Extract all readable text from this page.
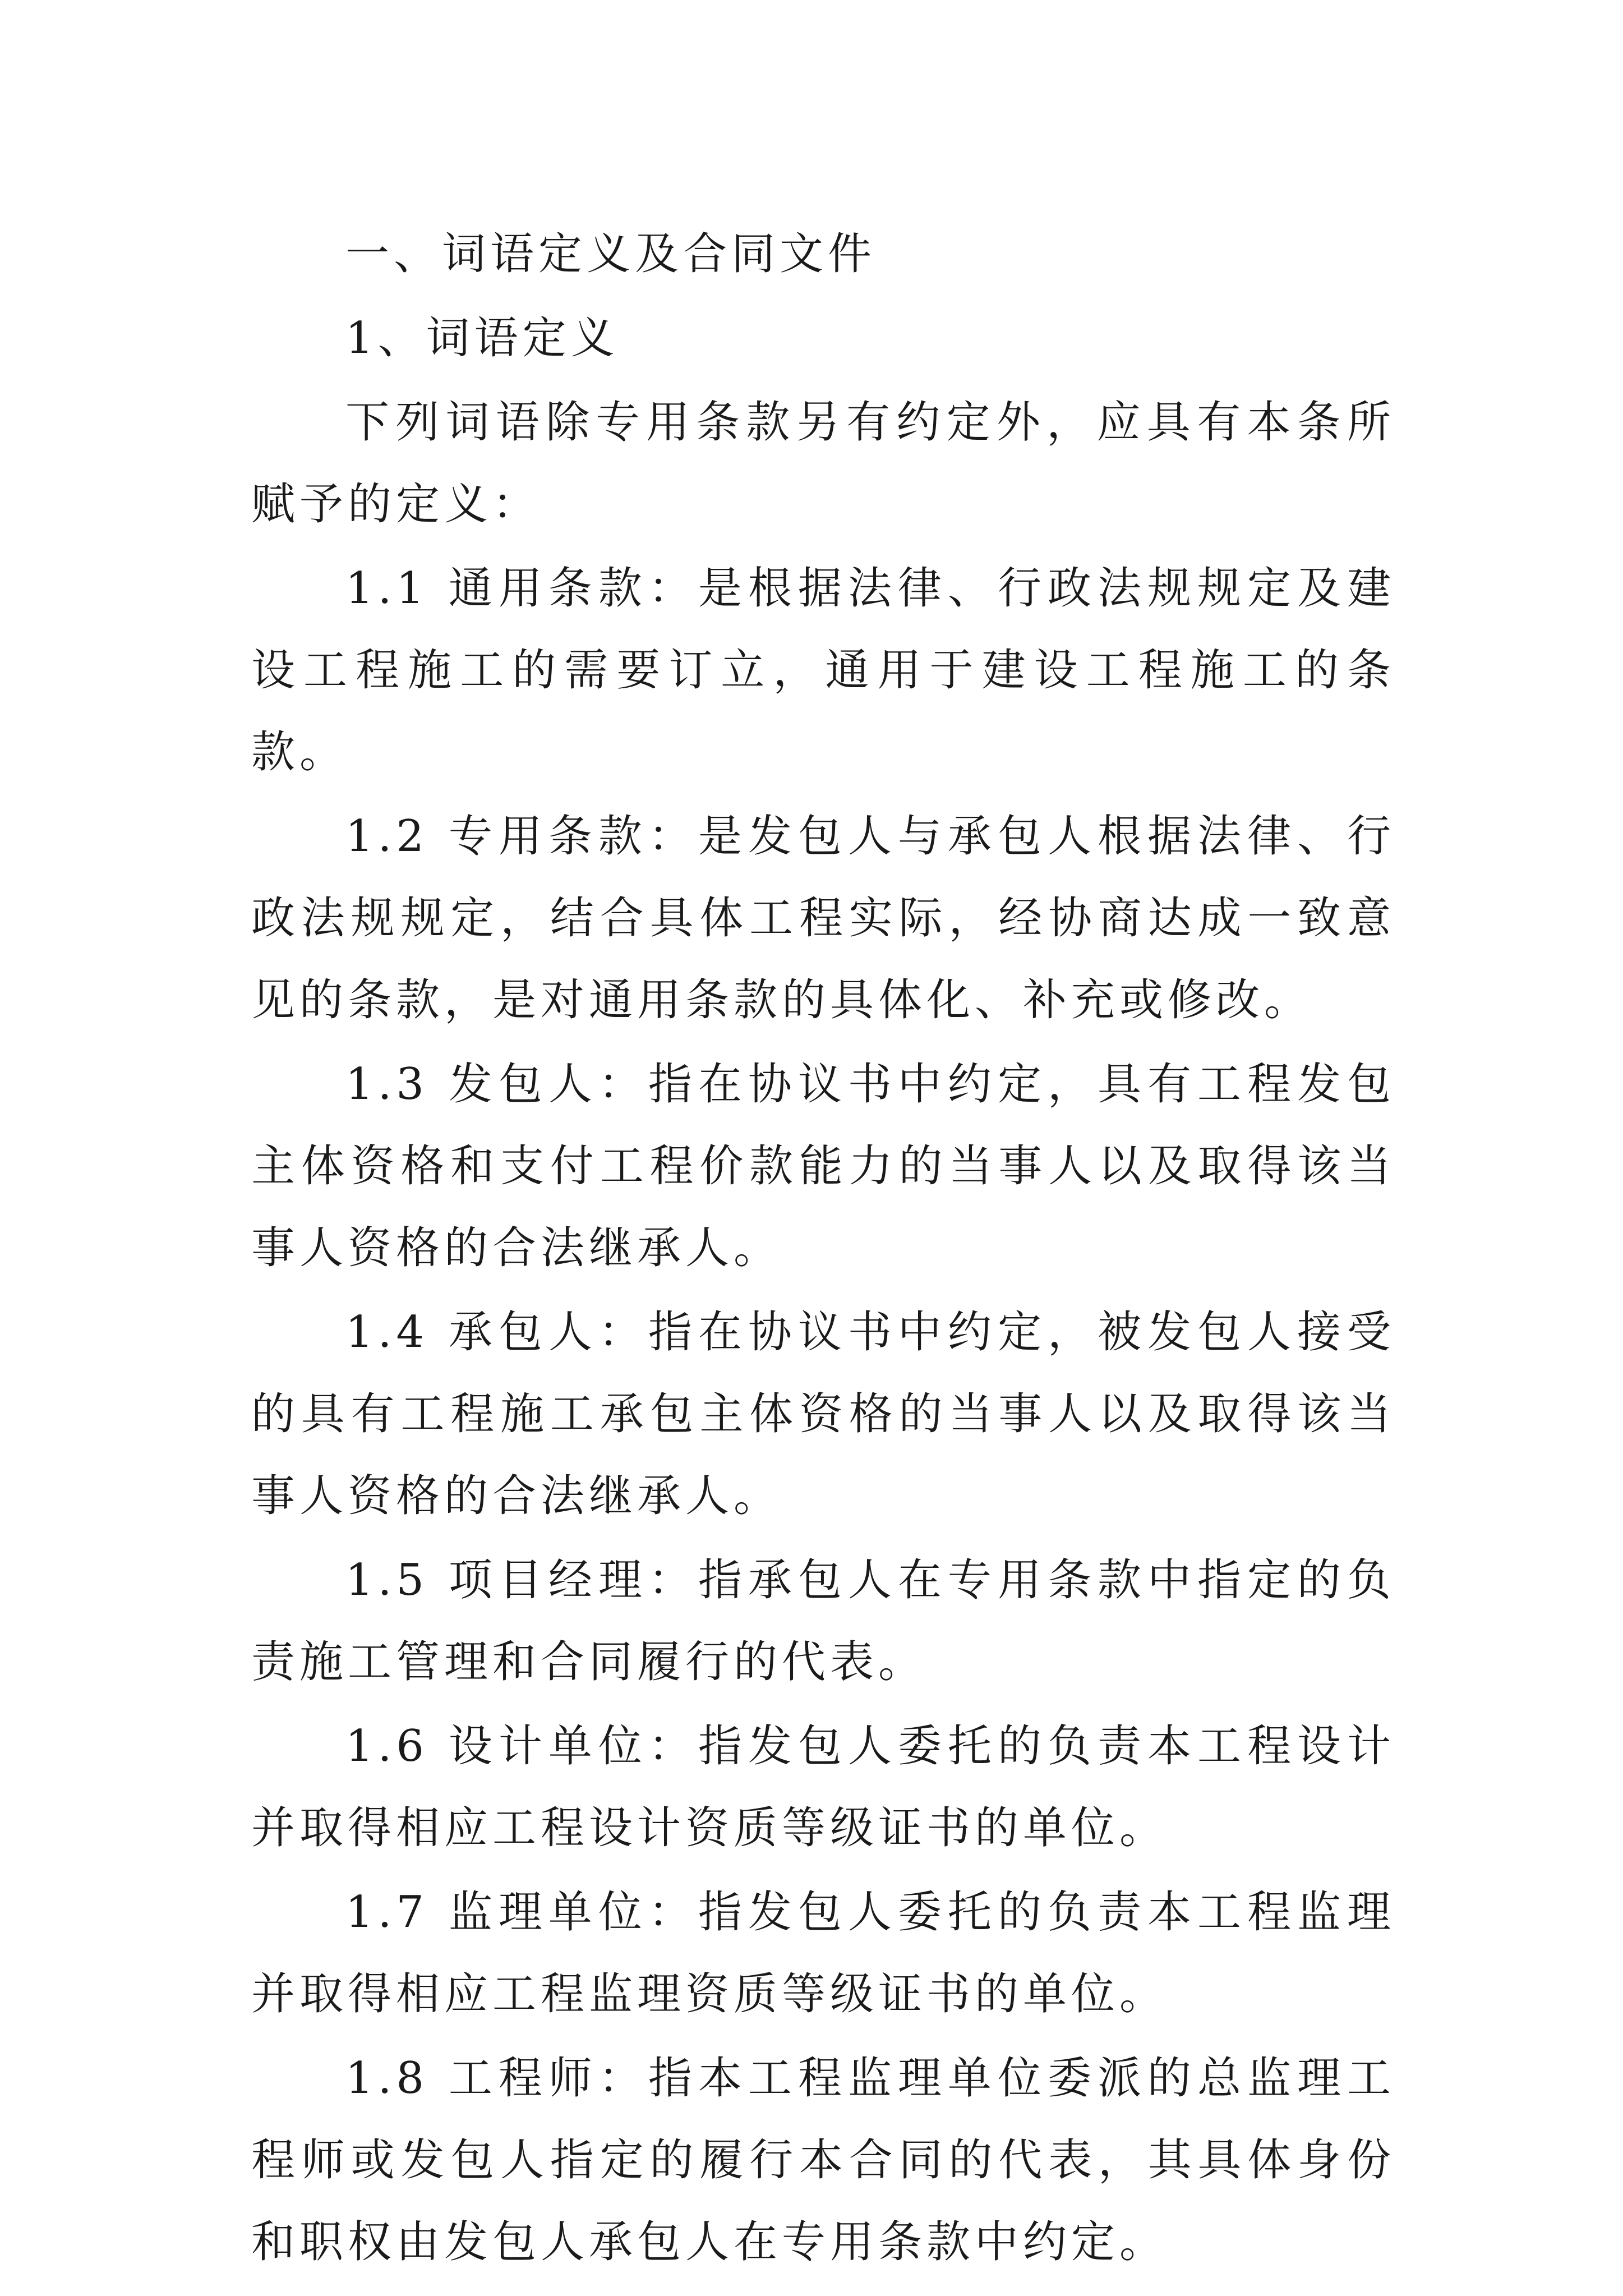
一、词语定义及合同文件

1、词语定义

下列词语除专用条款另有约定外，应具有本条所赋予的定义：

1.1 通用条款：是根据法律、行政法规规定及建设工程施工的需要订立，通用于建设工程施工的条款。

1.2 专用条款：是发包人与承包人根据法律、行政法规规定，结合具体工程实际，经协商达成一致意见的条款，是对通用条款的具体化、补充或修改。

1.3 发包人：指在协议书中约定，具有工程发包主体资格和支付工程价款能力的当事人以及取得该当事人资格的合法继承人。

1.4 承包人：指在协议书中约定，被发包人接受的具有工程施工承包主体资格的当事人以及取得该当事人资格的合法继承人。

1.5 项目经理：指承包人在专用条款中指定的负责施工管理和合同履行的代表。

1.6 设计单位：指发包人委托的负责本工程设计并取得相应工程设计资质等级证书的单位。

1.7 监理单位：指发包人委托的负责本工程监理并取得相应工程监理资质等级证书的单位。

1.8 工程师：指本工程监理单位委派的总监理工程师或发包人指定的履行本合同的代表，其具体身份和职权由发包人承包人在专用条款中约定。
